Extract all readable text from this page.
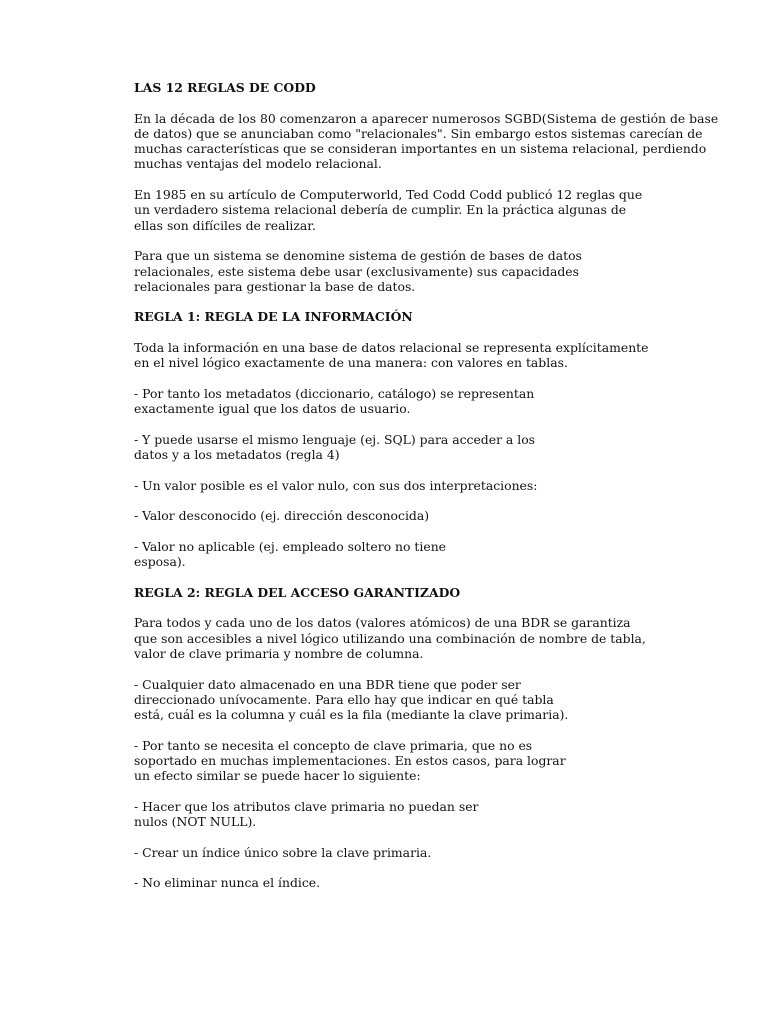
LAS 12 REGLAS DE CODD
En la década de los 80 comenzaron a aparecer numerosos SGBD(Sistema de gestión de base
de datos) que se anunciaban como "relacionales". Sin embargo estos sistemas carecían de
muchas características que se consideran importantes en un sistema relacional, perdiendo
muchas ventajas del modelo relacional.
En 1985 en su artículo de Computerworld, Ted Codd Codd publicó 12 reglas que
un verdadero sistema relacional debería de cumplir. En la práctica algunas de
ellas son difíciles de realizar.
Para que un sistema se denomine sistema de gestión de bases de datos
relacionales, este sistema debe usar (exclusivamente) sus capacidades
relacionales para gestionar la base de datos.
REGLA 1: REGLA DE LA INFORMACIÓN
Toda la información en una base de datos relacional se representa explícitamente
en el nivel lógico exactamente de una manera: con valores en tablas.
- Por tanto los metadatos (diccionario, catálogo) se representan
exactamente igual que los datos de usuario.
- Y puede usarse el mismo lenguaje (ej. SQL) para acceder a los
datos y a los metadatos (regla 4)
- Un valor posible es el valor nulo, con sus dos interpretaciones:
- Valor desconocido (ej. dirección desconocida)
- Valor no aplicable (ej. empleado soltero no tiene
esposa).
REGLA 2: REGLA DEL ACCESO GARANTIZADO
Para todos y cada uno de los datos (valores atómicos) de una BDR se garantiza
que son accesibles a nivel lógico utilizando una combinación de nombre de tabla,
valor de clave primaria y nombre de columna.
- Cualquier dato almacenado en una BDR tiene que poder ser
direccionado unívocamente. Para ello hay que indicar en qué tabla
está, cuál es la columna y cuál es la fila (mediante la clave primaria).
- Por tanto se necesita el concepto de clave primaria, que no es
soportado en muchas implementaciones. En estos casos, para lograr
un efecto similar se puede hacer lo siguiente:
- Hacer que los atributos clave primaria no puedan ser
nulos (NOT NULL).
- Crear un índice único sobre la clave primaria.
- No eliminar nunca el índice.
